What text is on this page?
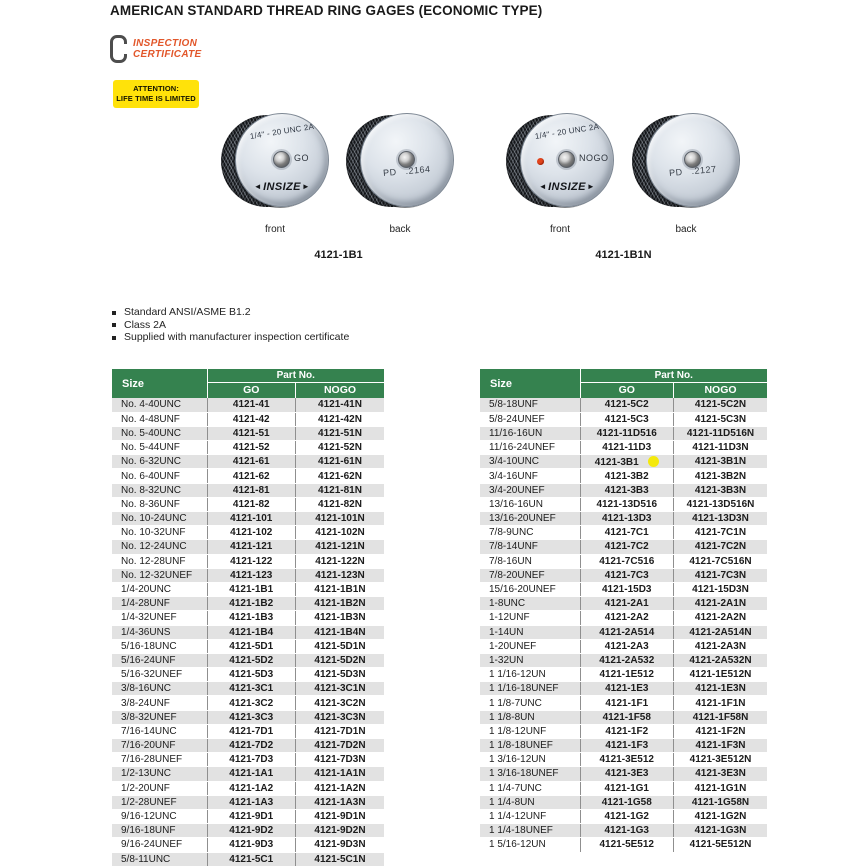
AMERICAN STANDARD THREAD RING GAGES (ECONOMIC TYPE)
INSPECTION
CERTIFICATE
ATTENTION:
LIFE TIME IS LIMITED
1/4" - 20 UNC 2A
GO
◄ INSIZE ►
PD .2164
1/4" - 20 UNC 2A
NOGO
◄ INSIZE ►
PD .2127
front	back	front	back
4121-1B1	4121-1B1N
Standard ANSI/ASME B1.2
Class 2A
Supplied with manufacturer inspection certificate
Size	Part No.	
	GO	NOGO
No. 4-40UNC	4121-41	4121-41N
No. 4-48UNF	4121-42	4121-42N
No. 5-40UNC	4121-51	4121-51N
No. 5-44UNF	4121-52	4121-52N
No. 6-32UNC	4121-61	4121-61N
No. 6-40UNF	4121-62	4121-62N
No. 8-32UNC	4121-81	4121-81N
No. 8-36UNF	4121-82	4121-82N
No. 10-24UNC	4121-101	4121-101N
No. 10-32UNF	4121-102	4121-102N
No. 12-24UNC	4121-121	4121-121N
No. 12-28UNF	4121-122	4121-122N
No. 12-32UNEF	4121-123	4121-123N
1/4-20UNC	4121-1B1	4121-1B1N
1/4-28UNF	4121-1B2	4121-1B2N
1/4-32UNEF	4121-1B3	4121-1B3N
1/4-36UNS	4121-1B4	4121-1B4N
5/16-18UNC	4121-5D1	4121-5D1N
5/16-24UNF	4121-5D2	4121-5D2N
5/16-32UNEF	4121-5D3	4121-5D3N
3/8-16UNC	4121-3C1	4121-3C1N
3/8-24UNF	4121-3C2	4121-3C2N
3/8-32UNEF	4121-3C3	4121-3C3N
7/16-14UNC	4121-7D1	4121-7D1N
7/16-20UNF	4121-7D2	4121-7D2N
7/16-28UNEF	4121-7D3	4121-7D3N
1/2-13UNC	4121-1A1	4121-1A1N
1/2-20UNF	4121-1A2	4121-1A2N
1/2-28UNEF	4121-1A3	4121-1A3N
9/16-12UNC	4121-9D1	4121-9D1N
9/16-18UNF	4121-9D2	4121-9D2N
9/16-24UNEF	4121-9D3	4121-9D3N
5/8-11UNC	4121-5C1	4121-5C1N
Size	Part No.	
	GO	NOGO
5/8-18UNF	4121-5C2	4121-5C2N
5/8-24UNEF	4121-5C3	4121-5C3N
11/16-16UN	4121-11D516	4121-11D516N
11/16-24UNEF	4121-11D3	4121-11D3N
3/4-10UNC	4121-3B1	4121-3B1N
3/4-16UNF	4121-3B2	4121-3B2N
3/4-20UNEF	4121-3B3	4121-3B3N
13/16-16UN	4121-13D516	4121-13D516N
13/16-20UNEF	4121-13D3	4121-13D3N
7/8-9UNC	4121-7C1	4121-7C1N
7/8-14UNF	4121-7C2	4121-7C2N
7/8-16UN	4121-7C516	4121-7C516N
7/8-20UNEF	4121-7C3	4121-7C3N
15/16-20UNEF	4121-15D3	4121-15D3N
1-8UNC	4121-2A1	4121-2A1N
1-12UNF	4121-2A2	4121-2A2N
1-14UN	4121-2A514	4121-2A514N
1-20UNEF	4121-2A3	4121-2A3N
1-32UN	4121-2A532	4121-2A532N
1 1/16-12UN	4121-1E512	4121-1E512N
1 1/16-18UNEF	4121-1E3	4121-1E3N
1 1/8-7UNC	4121-1F1	4121-1F1N
1 1/8-8UN	4121-1F58	4121-1F58N
1 1/8-12UNF	4121-1F2	4121-1F2N
1 1/8-18UNEF	4121-1F3	4121-1F3N
1 3/16-12UN	4121-3E512	4121-3E512N
1 3/16-18UNEF	4121-3E3	4121-3E3N
1 1/4-7UNC	4121-1G1	4121-1G1N
1 1/4-8UN	4121-1G58	4121-1G58N
1 1/4-12UNF	4121-1G2	4121-1G2N
1 1/4-18UNEF	4121-1G3	4121-1G3N
1 5/16-12UN	4121-5E512	4121-5E512N
